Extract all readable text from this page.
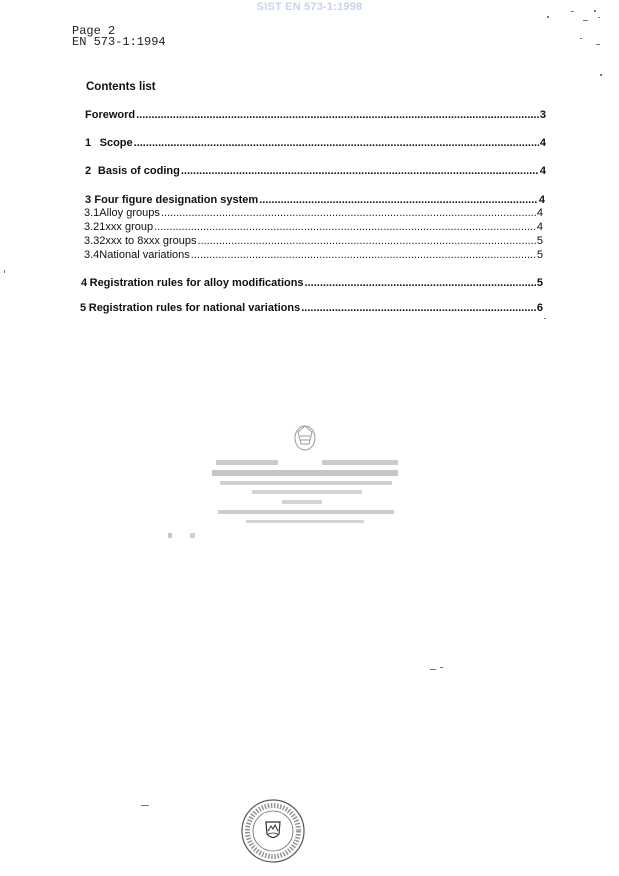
SIST EN 573-1:1998
Page 2
EN 573-1:1994
Contents list
Foreword .....	3
1 Scope .....	4
2 Basis of coding .....	4
3 Four figure designation system .....	4
3.1 Alloy groups .....	4
3.2 1xxx group .....	4
3.3 2xxx to 8xxx groups .....	5
3.4 National variations .....	5
4 Registration rules for alloy modifications .....	5
5 Registration rules for national variations .....	6
